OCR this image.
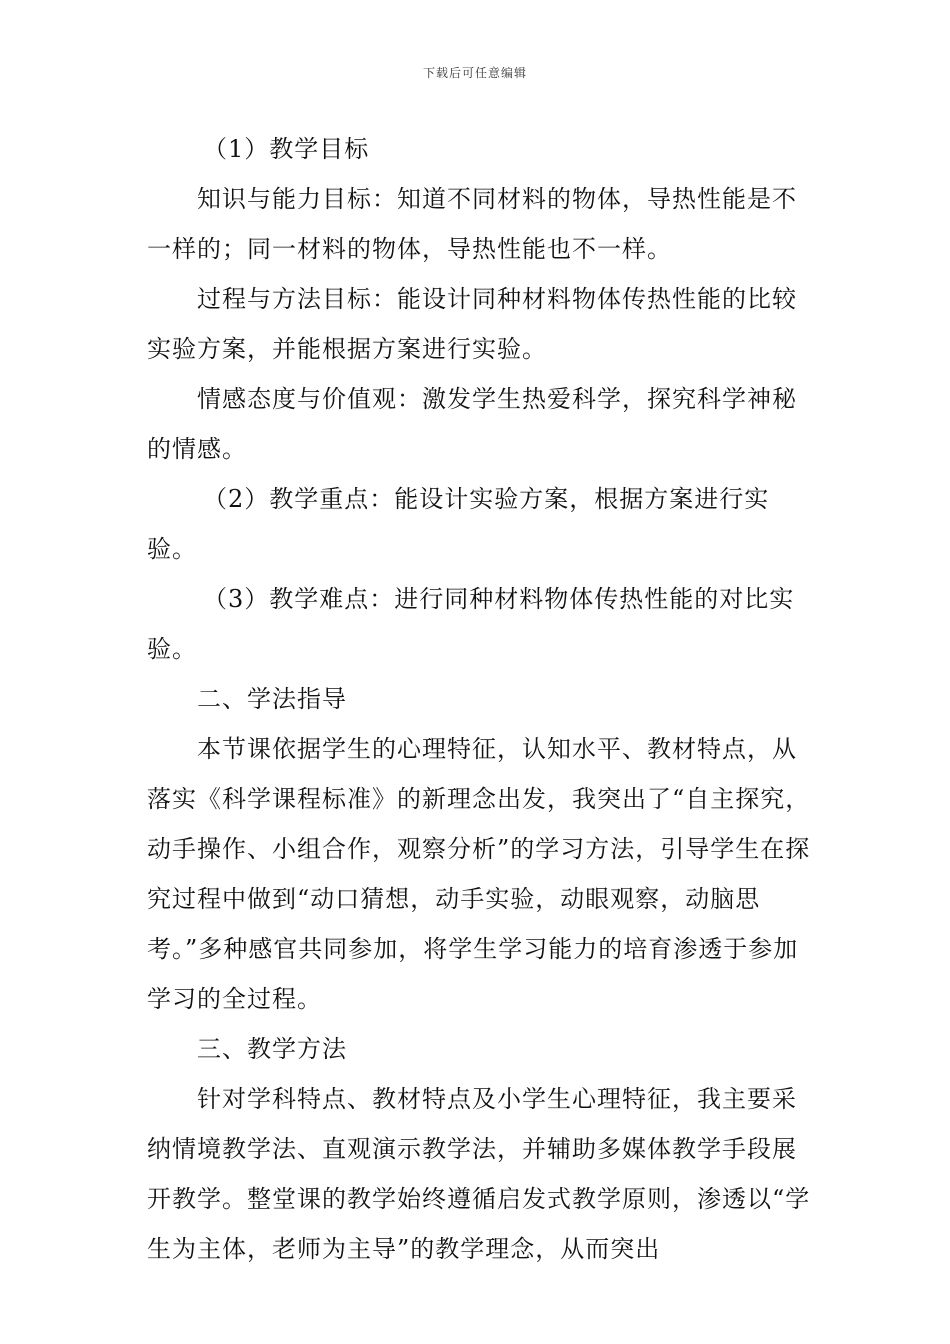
下载后可任意编辑

（1）教学目标

知识与能力目标：知道不同材料的物体，导热性能是不一样的；同一材料的物体，导热性能也不一样。

过程与方法目标：能设计同种材料物体传热性能的比较实验方案，并能根据方案进行实验。

情感态度与价值观：激发学生热爱科学，探究科学神秘的情感。

（2）教学重点：能设计实验方案，根据方案进行实验。

（3）教学难点：进行同种材料物体传热性能的对比实验。

二、学法指导

本节课依据学生的心理特征，认知水平、教材特点，从落实《科学课程标准》的新理念出发，我突出了“自主探究，动手操作、小组合作，观察分析”的学习方法，引导学生在探究过程中做到“动口猜想，动手实验，动眼观察，动脑思考。”多种感官共同参加，将学生学习能力的培育渗透于参加学习的全过程。

三、教学方法

针对学科特点、教材特点及小学生心理特征，我主要采纳情境教学法、直观演示教学法，并辅助多媒体教学手段展开教学。整堂课的教学始终遵循启发式教学原则，渗透以“学生为主体，老师为主导”的教学理念，从而突出
